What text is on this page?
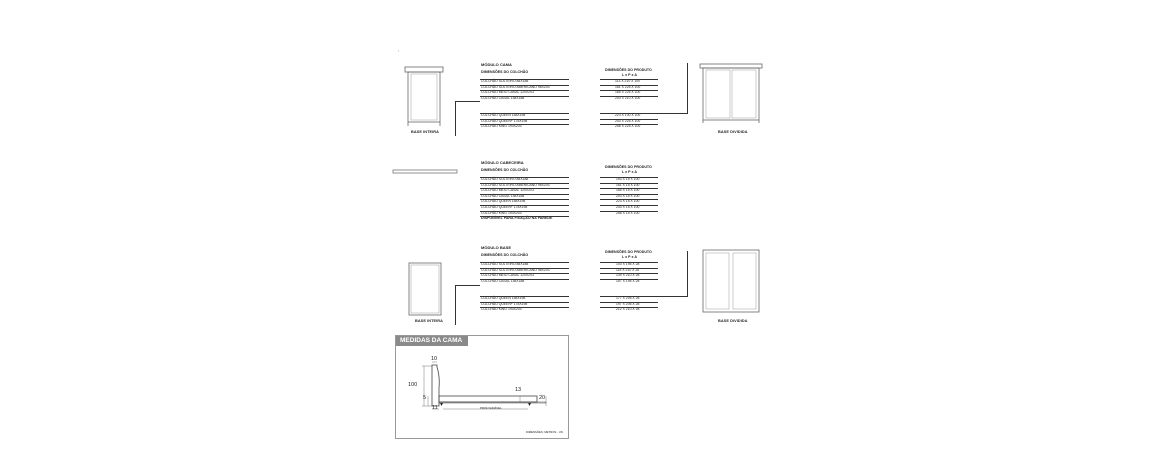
,
BASE INTEIRA	BASE DIVIDIDA
MÓDULO CAMA
DIMENSÕES DO COLCHÃO
COLCHÃO SOLTEIRO 88X188
COLCHÃO SOLTEIRO AMERICANO 96X203
COLCHÃO MEIO CASAL 120X203
COLCHÃO CASAL 138X188
COLCHÃO QUEEN 158X198
COLCHÃO QUEEN+ 178X198
COLCHÃO KING 193X203
DIMENSÕES DO PRODUTO
L x P x A
113 X 210 X 100
161 X 225 X 100
185 X 225 X 100
203 X 210 X 100
223 X 100 X 100
243 X 225 X 100
258 X 225 X 100
MÓDULO CABECEIRA
DIMENSÕES DO COLCHÃO
COLCHÃO SOLTEIRO 88X188
COLCHÃO SOLTEIRO AMERICANO 96X203
COLCHÃO MEIO CASAL 120X203
COLCHÃO CASAL 138X188
COLCHÃO QUEEN 158X198
COLCHÃO QUEEN+ 178X198
COLCHÃO KING 193X203
DISPONÍVEL PARA FIXAÇÃO NA PAREDE
DIMENSÕES DO PRODUTO
L x P x A
153 X 15 X 100
161 X 15 X 100
185 X 15 X 100
203 X 15 X 100
223 X 15 X 100
243 X 15 X 100
258 X 15 X 100
BASE INTEIRA	BASE DIVIDIDA
MÓDULO BASE
DIMENSÕES DO COLCHÃO
COLCHÃO SOLTEIRO 88X188
COLCHÃO SOLTEIRO AMERICANO 96X203
COLCHÃO MEIO CASAL 120X203
COLCHÃO CASAL 138X188
COLCHÃO QUEEN 158X198
COLCHÃO QUEEN+ 178X198
COLCHÃO KING 193X203
DIMENSÕES DO PRODUTO
L x P x A
103 X 195 X 28
115 X 210 X 28
139 X 210 X 28
157 X 195 X 28
177 X 205 X 28
197 X 205 X 28
212 X 210 X 28
MEDIDAS DA CAMA
10
100
5
13
11
20
PROF.VARIÁVEL
DIMENSÕES: METROS - UN
